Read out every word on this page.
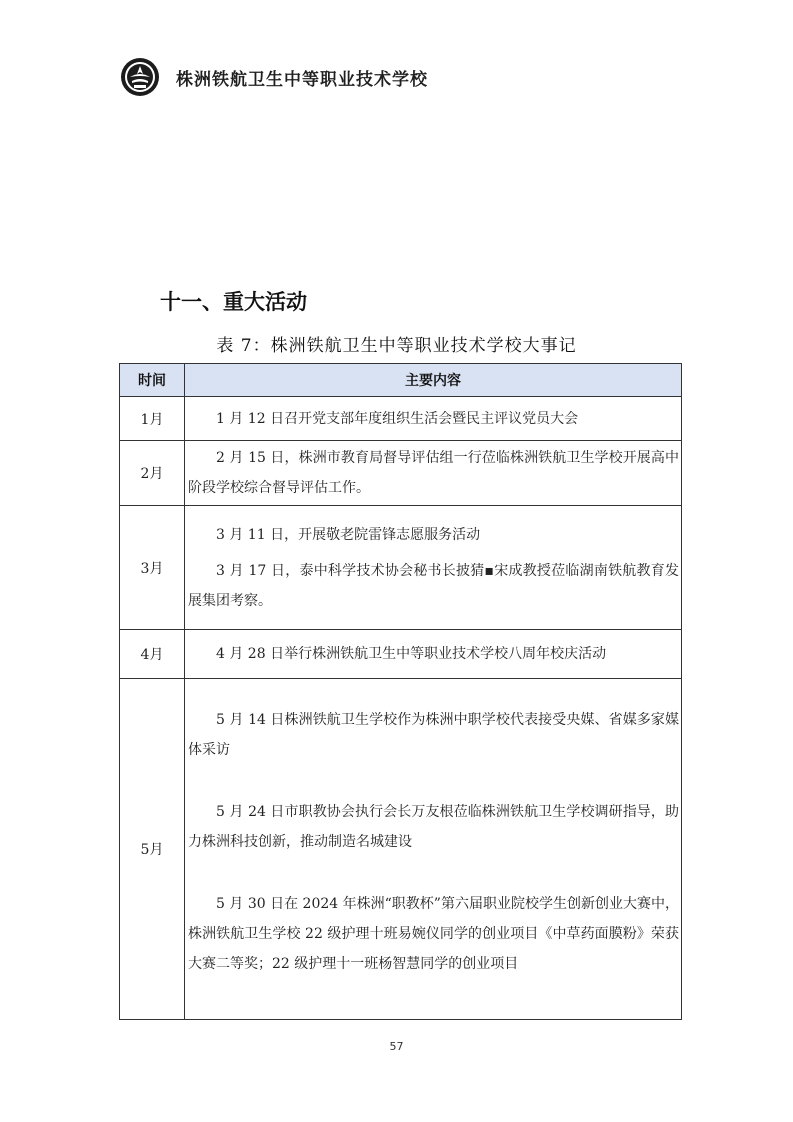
株洲铁航卫生中等职业技术学校
十一、重大活动
表 7：株洲铁航卫生中等职业技术学校大事记
时间	主要内容
1月	1 月 12 日召开党支部年度组织生活会暨民主评议党员大会

2月	2 月 15 日，株洲市教育局督导评估组一行莅临株洲铁航卫生学校开展高中阶段学校综合督导评估工作。

3月	3 月 11 日，开展敬老院雷锋志愿服务活动

3 月 17 日，泰中科学技术协会秘书长披猜▪宋成教授莅临湖南铁航教育发展集团考察。

4月	4 月 28 日举行株洲铁航卫生中等职业技术学校八周年校庆活动

5月	5 月 14 日株洲铁航卫生学校作为株洲中职学校代表接受央媒、省媒多家媒体采访

5 月 24 日市职教协会执行会长万友根莅临株洲铁航卫生学校调研指导，助力株洲科技创新，推动制造名城建设

5 月 30 日在 2024 年株洲“职教杯”第六届职业院校学生创新创业大赛中，株洲铁航卫生学校 22 级护理十班易婉仪同学的创业项目《中草药面膜粉》荣获大赛二等奖；22 级护理十一班杨智慧同学的创业项目

57
